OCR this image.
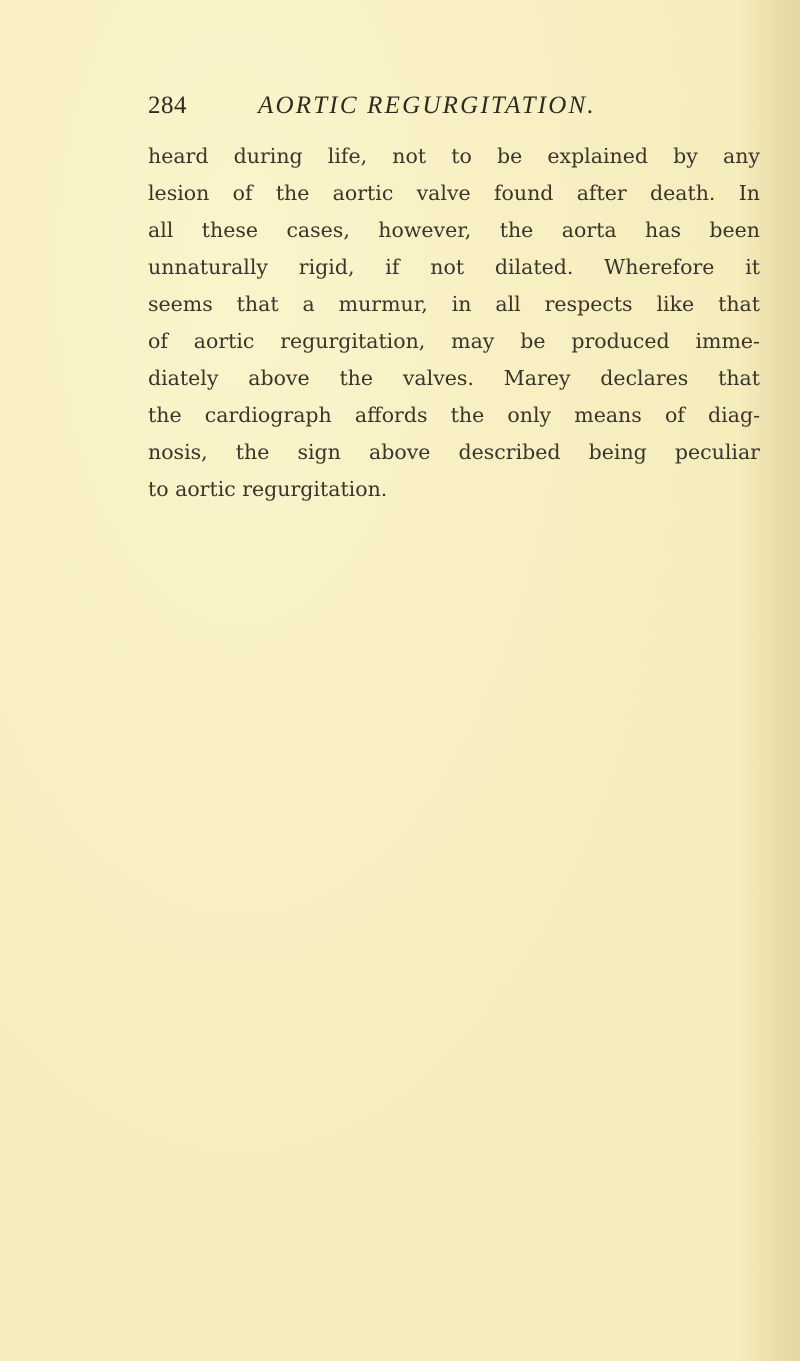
284	AORTIC REGURGITATION.
heard during life, not to be explained by any
lesion of the aortic valve found after death. In
all these cases, however, the aorta has been
unnaturally rigid, if not dilated. Wherefore it
seems that a murmur, in all respects like that
of aortic regurgitation, may be produced imme-
diately above the valves. Marey declares that
the cardiograph affords the only means of diag-
nosis, the sign above described being peculiar
to aortic regurgitation.
